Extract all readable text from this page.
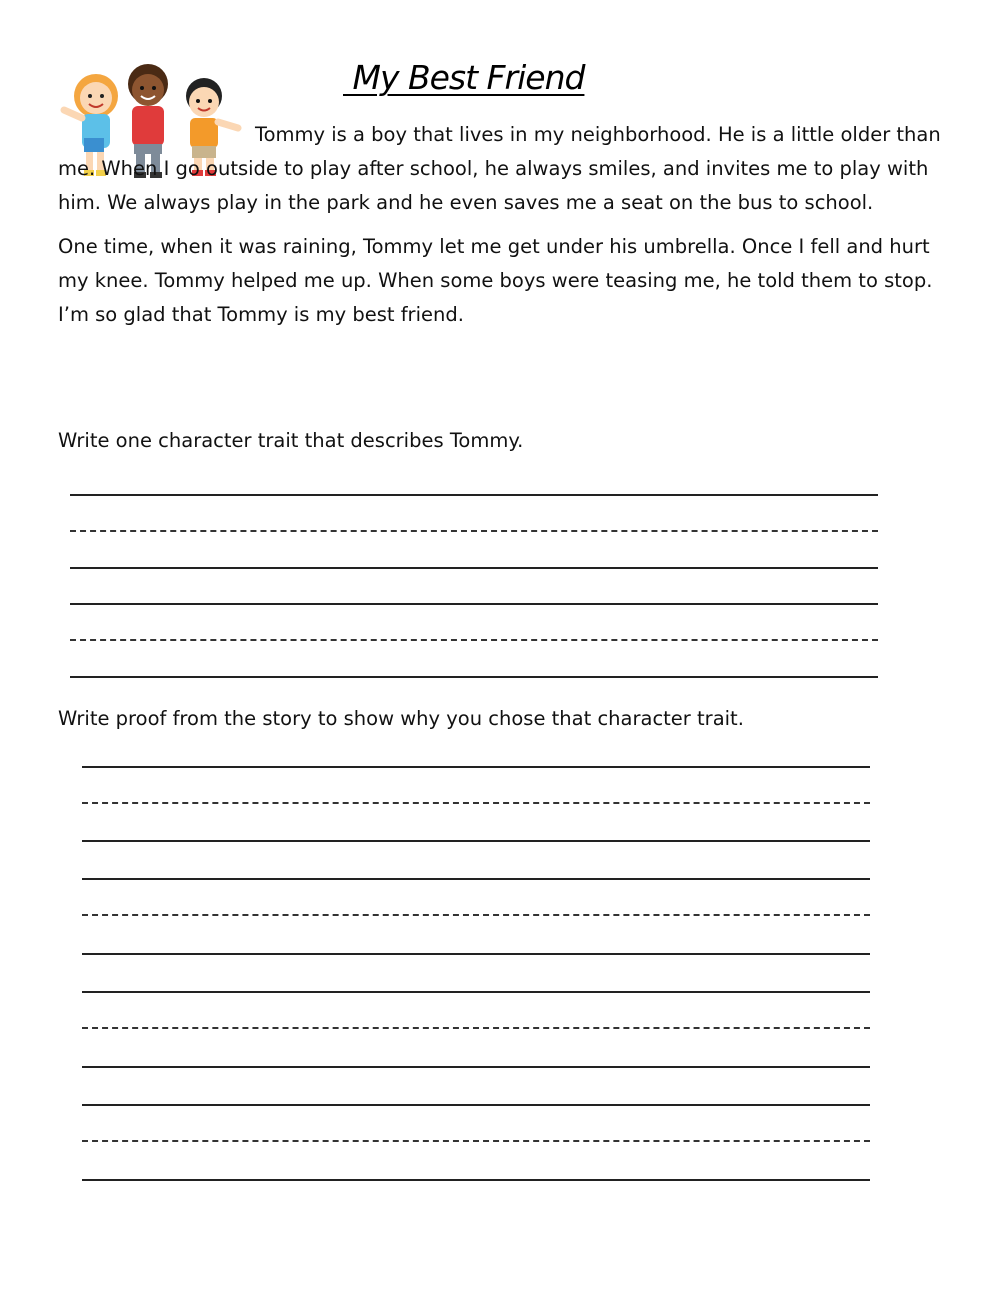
My Best Friend

Tommy is a boy that lives in my neighborhood. He is a little older than me. When I go outside to play after school, he always smiles, and invites me to play with him. We always play in the park and he even saves me a seat on the bus to school.

One time, when it was raining, Tommy let me get under his umbrella. Once I fell and hurt my knee. Tommy helped me up. When some boys were teasing me, he told them to stop. I’m so glad that Tommy is my best friend.

Write one character trait that describes Tommy.
Write proof from the story to show why you chose that character trait.
